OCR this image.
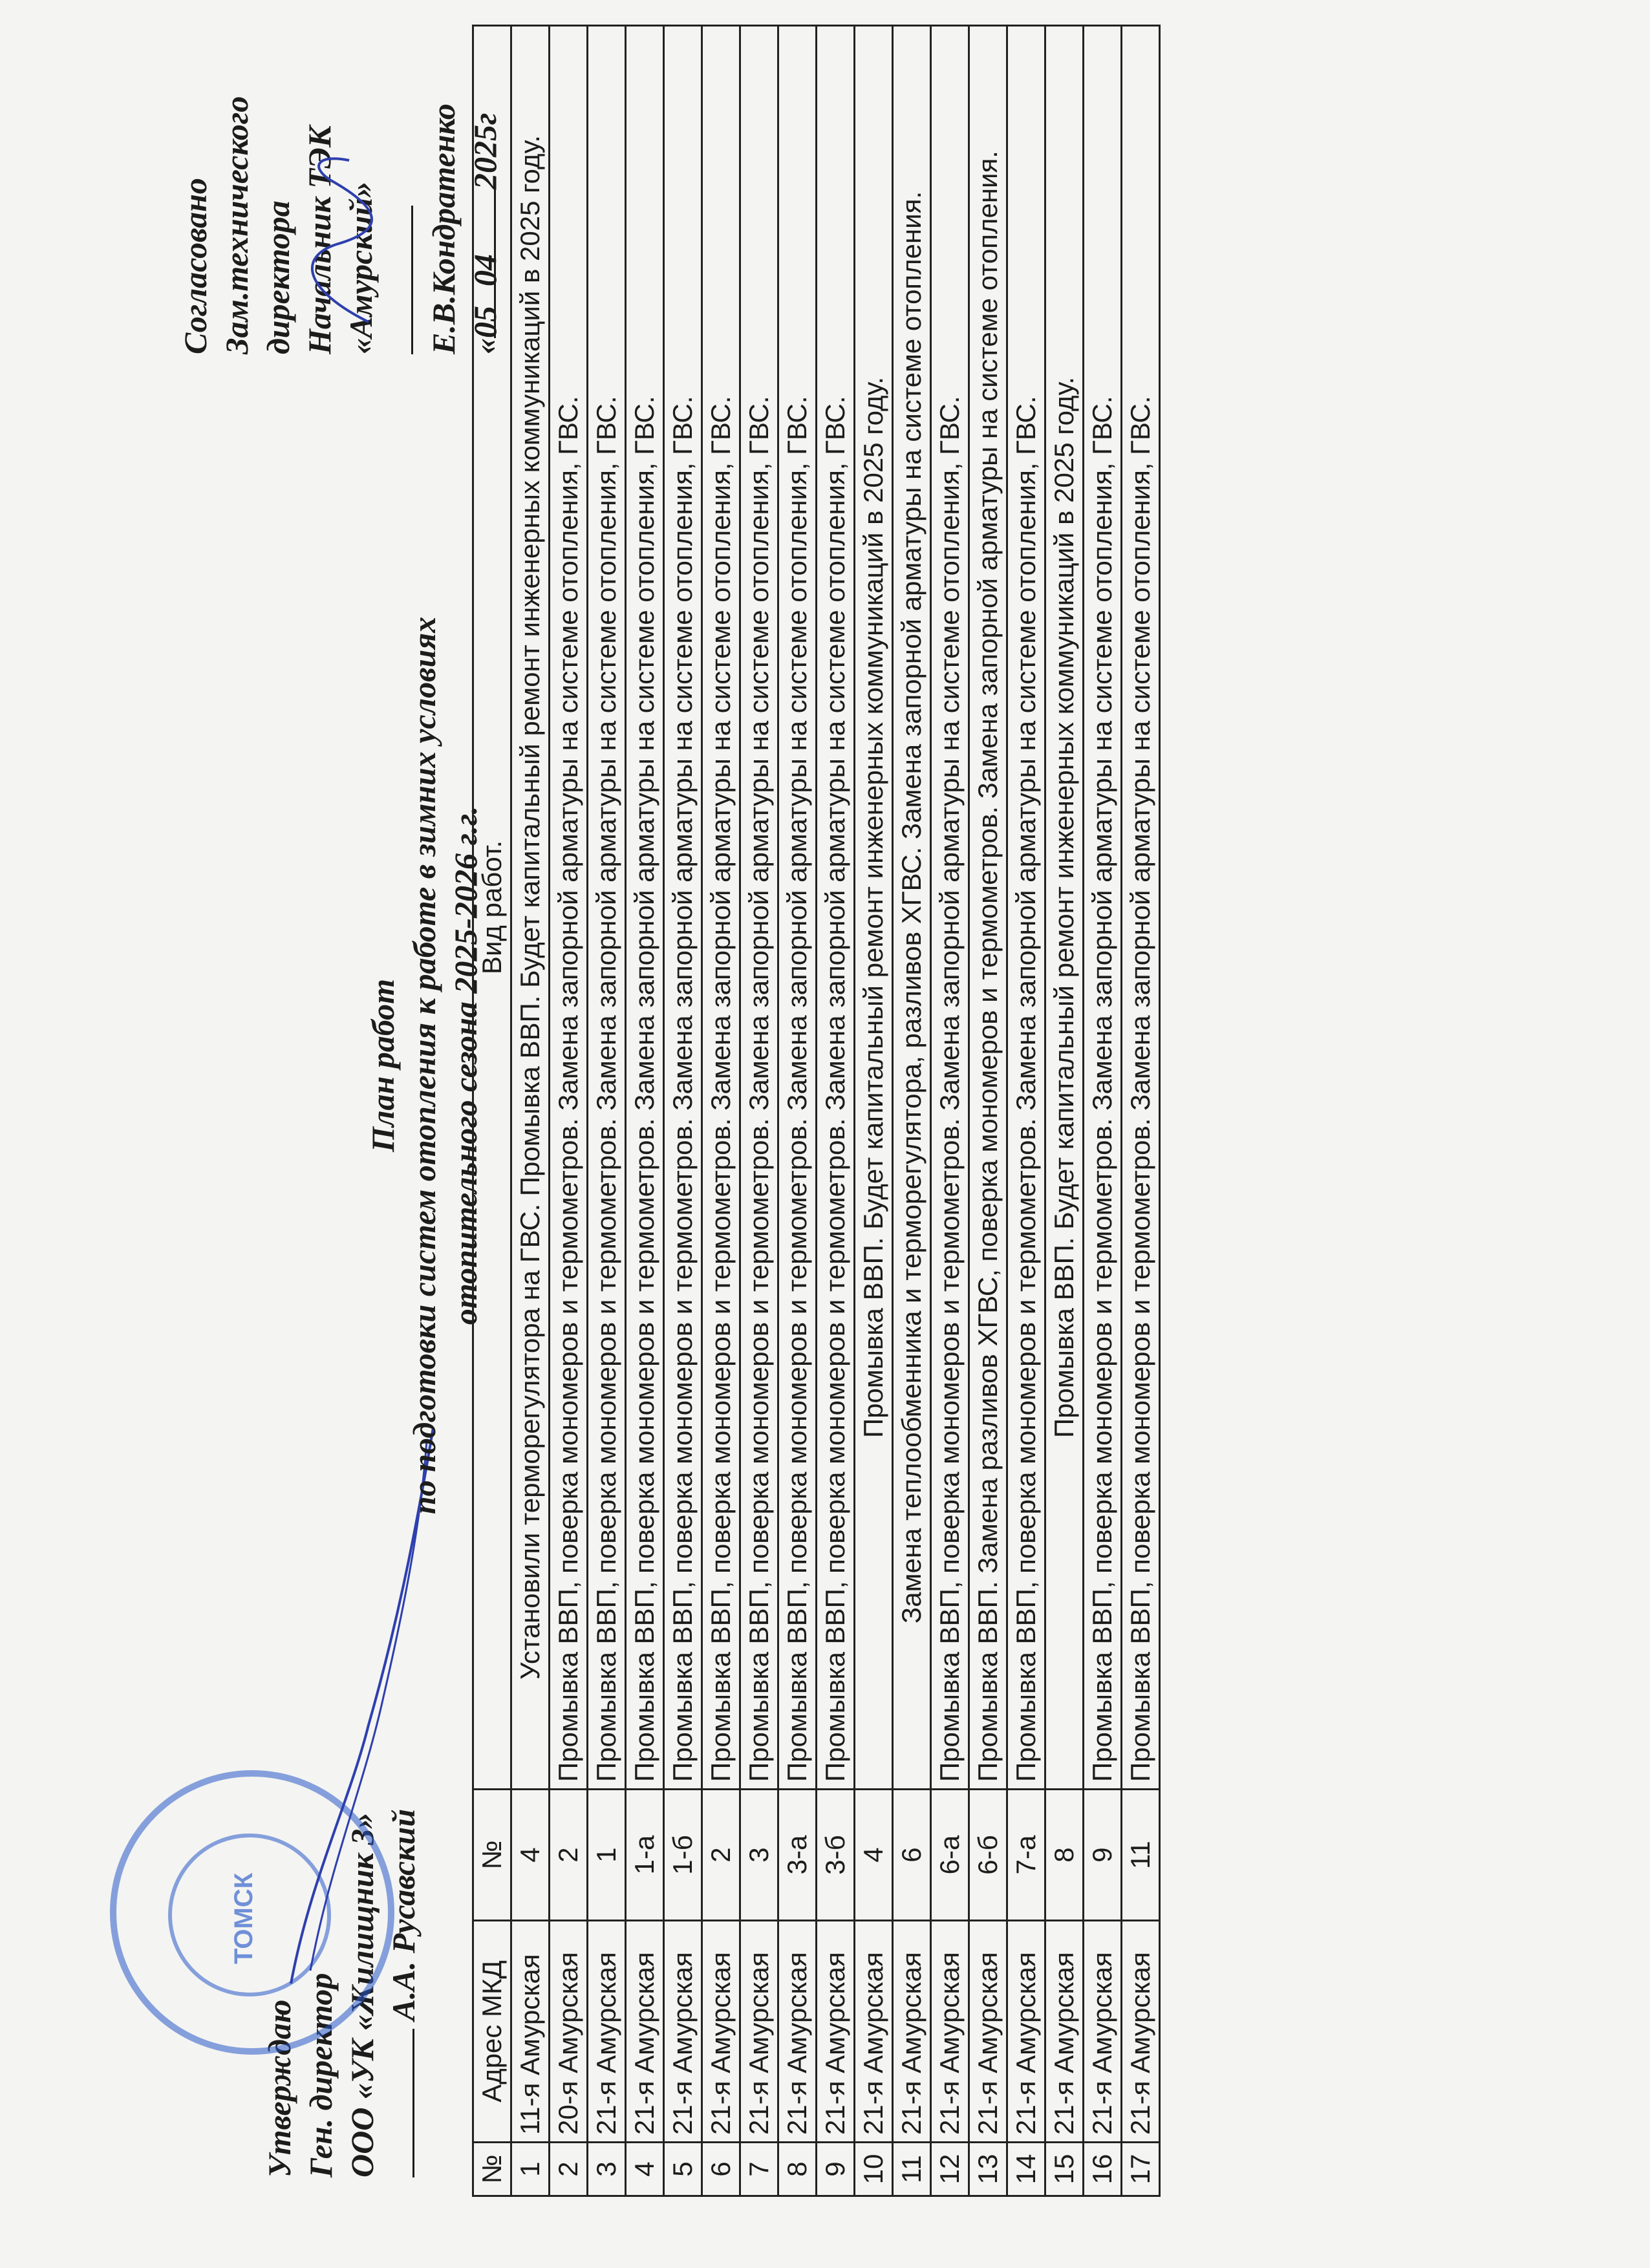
Утверждаю Ген. директор ООО «УК «Жилищник 3» А.А. Русавский
ТОМСК
Согласовано Зам.технического директора Начальник ТЭК «Амурский»	Е.В.Кондратенко «05042025г
План работ по подготовки систем отопления к работе в зимних условиях отопительного сезона 2025-2026 г.г.
№	Адрес МКД	№	Вид работ.
1	11-я Амурская	4	Установили терморегулятора на ГВС. Промывка ВВП. Будет капитальный ремонт инженерных коммуникаций в 2025 году.
2	20-я Амурская	2	Промывка ВВП, поверка мономеров и термометров. Замена запорной арматуры на системе отопления, ГВС.
3	21-я Амурская	1	Промывка ВВП, поверка мономеров и термометров. Замена запорной арматуры на системе отопления, ГВС.
4	21-я Амурская	1-а	Промывка ВВП, поверка мономеров и термометров. Замена запорной арматуры на системе отопления, ГВС.
5	21-я Амурская	1-б	Промывка ВВП, поверка мономеров и термометров. Замена запорной арматуры на системе отопления, ГВС.
6	21-я Амурская	2	Промывка ВВП, поверка мономеров и термометров. Замена запорной арматуры на системе отопления, ГВС.
7	21-я Амурская	3	Промывка ВВП, поверка мономеров и термометров. Замена запорной арматуры на системе отопления, ГВС.
8	21-я Амурская	3-а	Промывка ВВП, поверка мономеров и термометров. Замена запорной арматуры на системе отопления, ГВС.
9	21-я Амурская	3-б	Промывка ВВП, поверка мономеров и термометров. Замена запорной арматуры на системе отопления, ГВС.
10	21-я Амурская	4	Промывка ВВП. Будет капитальный ремонт инженерных коммуникаций в 2025 году.
11	21-я Амурская	6	Замена теплообменника и терморегулятора, разливов ХГВС. Замена запорной арматуры на системе отопления.
12	21-я Амурская	6-а	Промывка ВВП, поверка мономеров и термометров. Замена запорной арматуры на системе отопления, ГВС.
13	21-я Амурская	6-б	Промывка ВВП. Замена разливов ХГВС, поверка мономеров и термометров. Замена запорной арматуры на системе отопления.
14	21-я Амурская	7-а	Промывка ВВП, поверка мономеров и термометров. Замена запорной арматуры на системе отопления, ГВС.
15	21-я Амурская	8	Промывка ВВП. Будет капитальный ремонт инженерных коммуникаций в 2025 году.
16	21-я Амурская	9	Промывка ВВП, поверка мономеров и термометров. Замена запорной арматуры на системе отопления, ГВС.
17	21-я Амурская	11	Промывка ВВП, поверка мономеров и термометров. Замена запорной арматуры на системе отопления, ГВС.
